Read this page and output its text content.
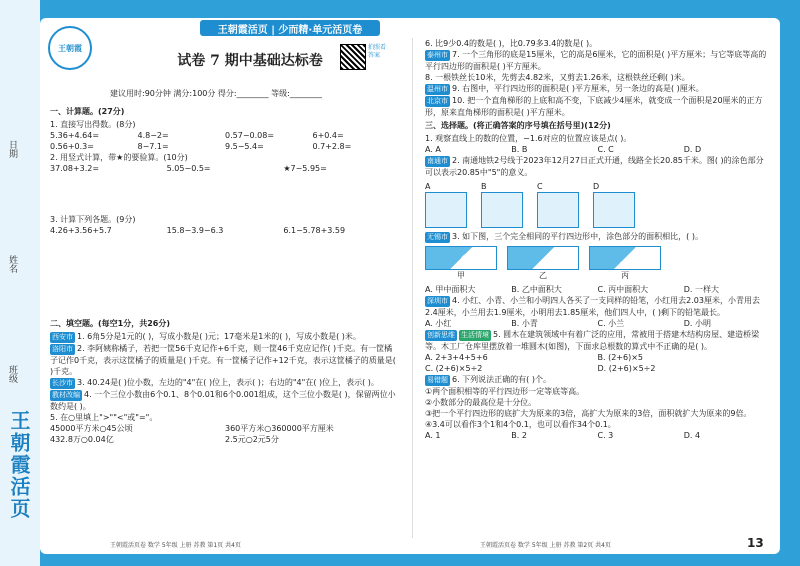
日期
姓名
班级
王朝霞活页
王朝霞活页 | 少而精·单元活页卷
王朝霞
试卷 7 期中基础达标卷
拍照看答案
建议用时:90分钟 满分:100分 得分:________ 等级:________
一、计算题。(27分)
1. 直接写出得数。(8分)
5.36+4.64=	4.8−2=	0.57−0.08=	6+0.4=
0.56+0.3=	8−7.1=	9.5−5.4=	0.7+2.8=
2. 用竖式计算，带★的要验算。(10分)
37.08+3.2=	5.05−0.5=	★7−5.95=
3. 计算下列各题。(9分)
4.26+3.56+5.7	15.8−3.9−6.3	6.1−5.78+3.59
二、填空题。(每空1分，共26分)
西安市 1. 6角5分是1元的( )，写成小数是( )元；17毫米是1米的( )，写成小数是( )米。
洛阳市 2. 李阿姨称橘子，若把一筐56千克记作+6千克，则一筐46千克应记作( )千克。有一筐橘子记作0千克，表示这筐橘子的质量是( )千克。有一筐橘子记作+12千克，表示这筐橘子的质量是( )千克。
长沙市 3. 40.24是( )位小数，左边的"4"在( )位上，表示( )；右边的"4"在( )位上，表示( )。
教材改编 4. 一个三位小数由6个0.1、8个0.01和6个0.001组成，这个三位小数是( )，保留两位小数约是( )。
5. 在○里填上">""<"或"="。
45000平方米○45公顷	360平方米○360000平方厘米
432.8万○0.04亿	2.5元○2元5分
6. 比9少0.4的数是( )，比0.79多3.4的数是( )。
泰州市 7. 一个三角形的底是15厘米，它的高是6厘米，它的面积是( )平方厘米；与它等底等高的平行四边形的面积是( )平方厘米。
8. 一根铁丝长10米，先剪去4.82米，又剪去1.26米，这根铁丝还剩( )米。
温州市 9. 右图中，平行四边形的面积是( )平方厘米，另一条边的高是( )厘米。
北京市 10. 把一个直角梯形的上底和高不变，下底减少4厘米，就变成一个面积是20厘米的正方形，原来直角梯形的面积是( )平方厘米。
三、选择题。(将正确答案的序号填在括号里)(12分)
1. 观察直线上的数的位置，−1.6对应的位置应该是点( )。
A. A	B. B	C. C	D. D
南通市 2. 南通地铁2号线于2023年12月27日正式开通，线路全长20.85千米。图( )的涂色部分可以表示20.85中"5"的意义。
A	B	C	D
无锡市 3. 如下图，三个完全相同的平行四边形中，涂色部分的面积相比，( )。
甲	乙	丙
A. 甲中面积大	B. 乙中面积大	C. 丙中面积大	D. 一样大
深圳市 4. 小红、小青、小兰和小明四人各买了一支同样的铅笔，小红用去2.03厘米，小青用去2.4厘米，小兰用去1.9厘米，小明用去1.85厘米，他们四人中，( )剩下的铅笔最长。
A. 小红	B. 小青	C. 小兰	D. 小明
创新思维 生活情境 5. 圆木在建筑领域中有着广泛的应用，常被用于搭建木结构房屋、建造桥梁等。木工厂仓库里摆放着一堆圆木(如图)，下面求总根数的算式中不正确的是( )。
A. 2+3+4+5+6	B. (2+6)×5
C. (2+6)×5÷2	D. (2+6)×5÷2
易错题 6. 下列说法正确的有( )个。
①两个面积相等的平行四边形一定等底等高。
②小数部分的最高位是十分位。
③把一个平行四边形的底扩大为原来的3倍，高扩大为原来的3倍，面积就扩大为原来的9倍。
④3.4可以看作3个1和4个0.1，也可以看作34个0.1。
A. 1	B. 2	C. 3	D. 4
王朝霞活页卷 数学 5年级 上册 苏教 第1页 共4页	王朝霞活页卷 数学 5年级 上册 苏教 第2页 共4页	13
